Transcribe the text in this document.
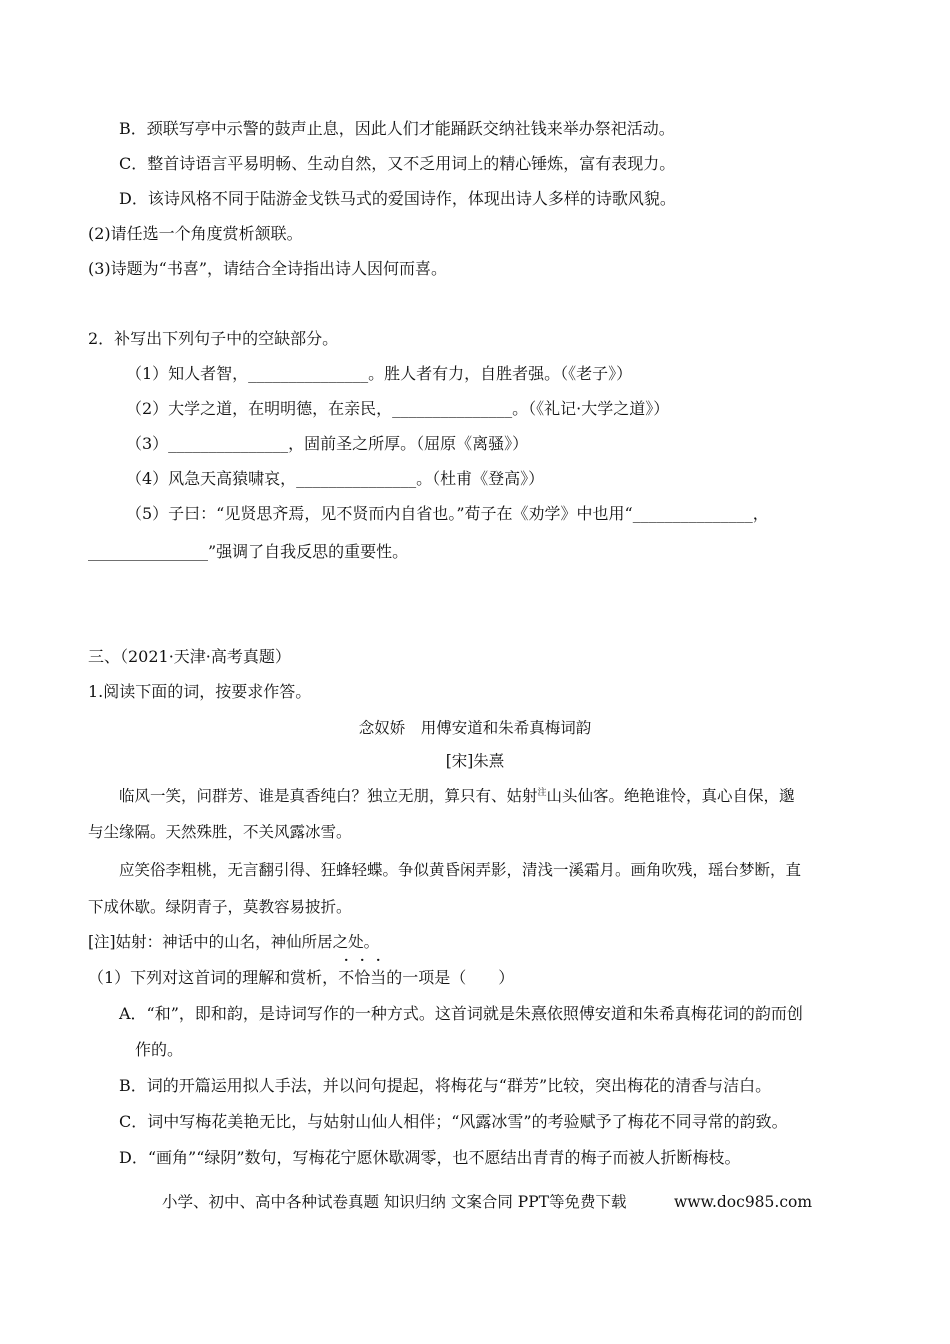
B．颈联写亭中示警的鼓声止息，因此人们才能踊跃交纳社钱来举办祭祀活动。
C．整首诗语言平易明畅、生动自然，又不乏用词上的精心锤炼，富有表现力。
D．该诗风格不同于陆游金戈铁马式的爱国诗作，体现出诗人多样的诗歌风貌。
(2)请任选一个角度赏析颔联。
(3)诗题为“书喜”，请结合全诗指出诗人因何而喜。
2．补写出下列句子中的空缺部分。
（1）知人者智，_______________。胜人者有力，自胜者强。（《老子》）
（2）大学之道，在明明德，在亲民，_______________。（《礼记·大学之道》）
（3）_______________，固前圣之所厚。（屈原《离骚》）
（4）风急天高猿啸哀，_______________。（杜甫《登高》）
（5）子曰：“见贤思齐焉，见不贤而内自省也。”荀子在《劝学》中也用“_______________，
_______________”强调了自我反思的重要性。
三、（2021·天津·高考真题）
1.阅读下面的词，按要求作答。
念奴娇　用傅安道和朱希真梅词韵
[宋]朱熹
临风一笑，问群芳、谁是真香纯白？独立无朋，算只有、姑射$^注$山头仙客。绝艳谁怜，真心自保，邈
与尘缘隔。天然殊胜，不关风露冰雪。
应笑俗李粗桃，无言翻引得、狂蜂轻蝶。争似黄昏闲弄影，清浅一溪霜月。画角吹残，瑶台梦断，直
下成休歇。绿阴青子，莫教容易披折。
[注]姑射：神话中的山名，神仙所居之处。
（1）下列对这首词的理解和赏析，不恰当的一项是（　　）
A．“和”，即和韵，是诗词写作的一种方式。这首词就是朱熹依照傅安道和朱希真梅花词的韵而创
作的。
B．词的开篇运用拟人手法，并以问句提起，将梅花与“群芳”比较，突出梅花的清香与洁白。
C．词中写梅花美艳无比，与姑射山仙人相伴；“风露冰雪”的考验赋予了梅花不同寻常的韵致。
D．“画角”“绿阴”数句，写梅花宁愿休歇凋零，也不愿结出青青的梅子而被人折断梅枝。
小学、初中、高中各种试卷真题 知识归纳 文案合同 PPT等免费下载	www.doc985.com
